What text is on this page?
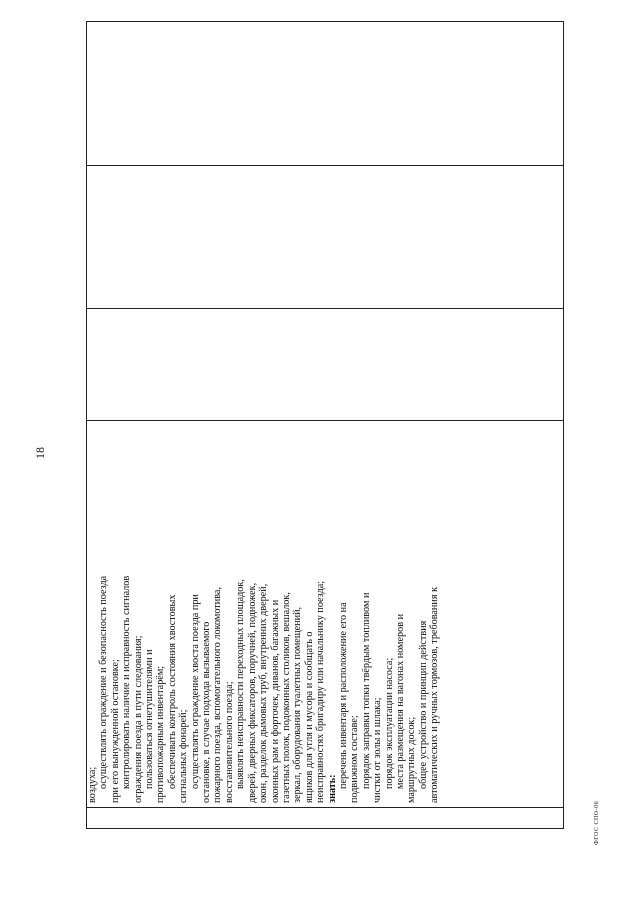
18
воздуха; осуществлять ограждение и безопасность поезда при его вынужденной остановке; контролировать наличие и исправность сигналов ограждения поезда в пути следования; пользоваться огнетушителями и противопожарным инвентарём; обеспечивать контроль состояния хвостовых сигнальных фонарей; осуществлять ограждение хвоста поезда при остановке, в случае подхода вызываемого пожарного поезда, вспомогательного локомотива, восстановительного поезда; выявлять неисправности переходных площадок, дверей, дверных фиксаторов, поручней, подножек, окон, разделок дымовых труб, внутренних дверей, оконных рам и форточек, диванов, багажных и газетных полок, подоконных столиков, вешалок, зеркал, оборудования туалетных помещений, ящиков для угля и мусора и сообщать о неисправностях бригадиру или начальнику поезда; знать: перечень инвентаря и расположение его на подвижном составе; порядок заправки топки твёрдым топливом и чистки от золы и шлака; порядок эксплуатации насоса; места размещения на вагонах номеров и маршрутных досок; общее устройство и принцип действия автоматических и ручных тормозов, требования к
ФГОС СПО-06
